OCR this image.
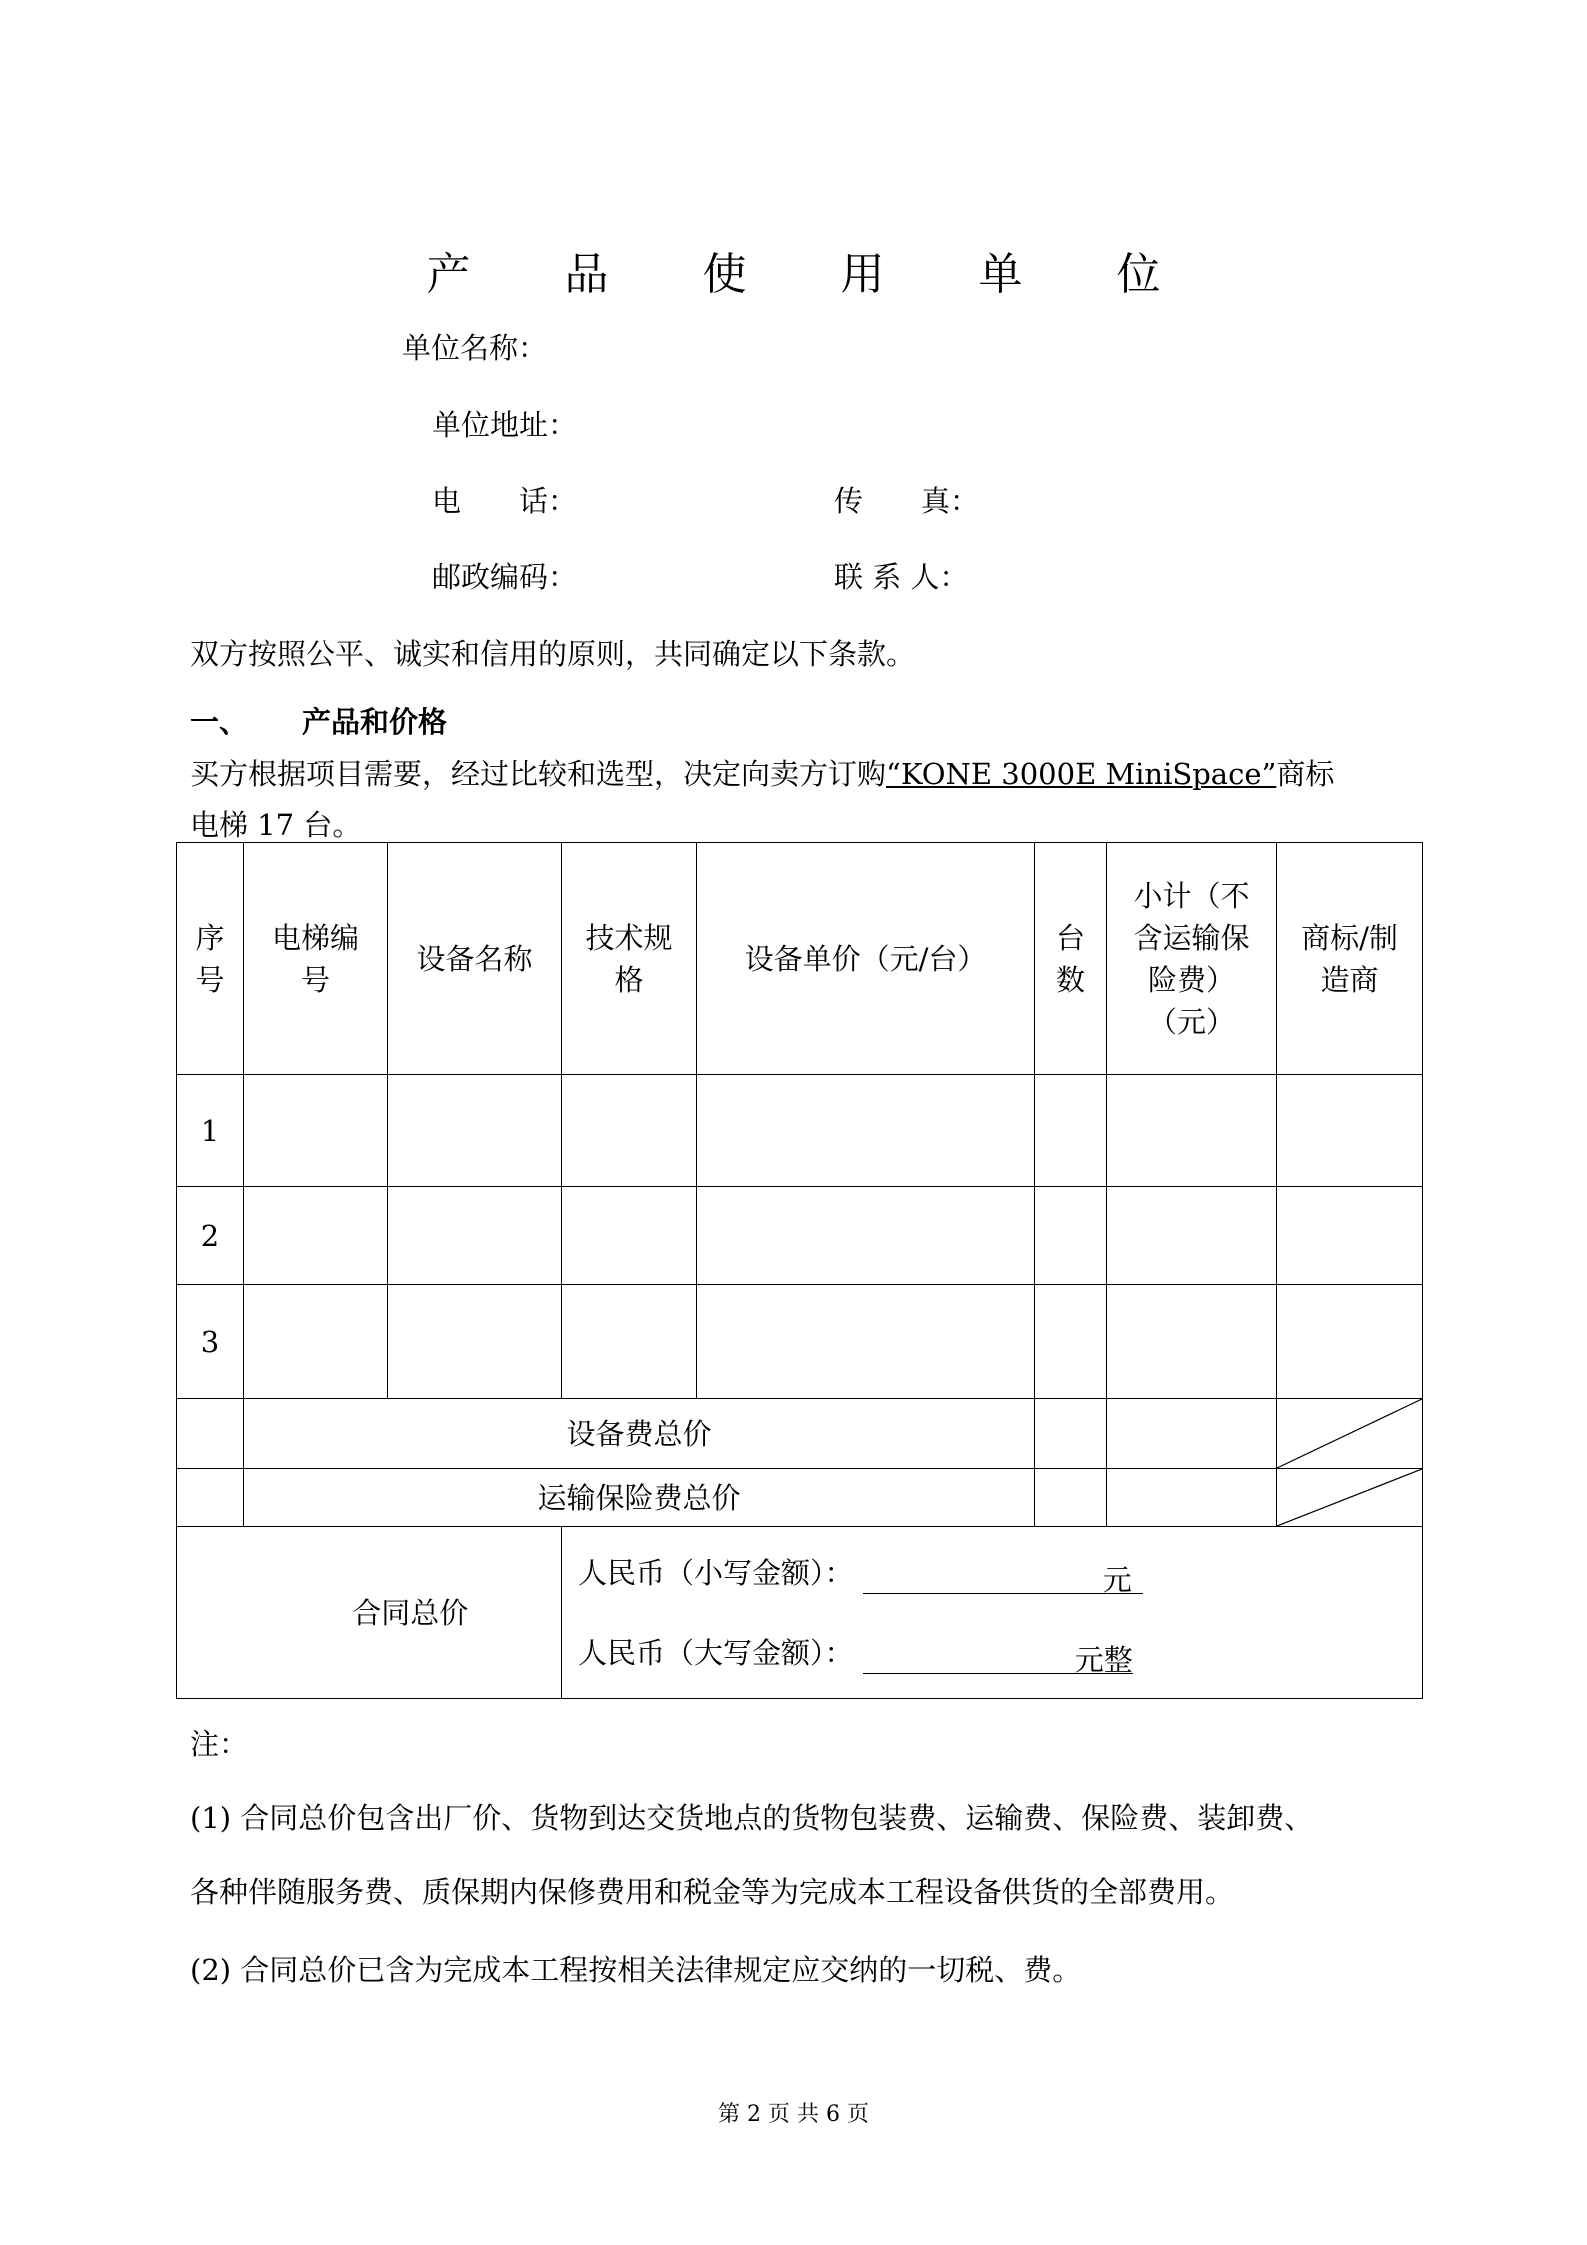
产 品 使 用 单 位
单位名称：
单位地址：
电　　话：	传　　真：
邮政编码：	联 系 人：
双方按照公平、诚实和信用的原则，共同确定以下条款。
一、 产品和价格
买方根据项目需要，经过比较和选型，决定向卖方订购“KONE 3000E MiniSpace”商标
电梯 17 台。
序号	电梯编号	设备名称	技术规格	设备单价（元/台）	台数	小计（不含运输保险费）（元）	商标/制造商

1							
2							
3							
	设备费总价			

	运输保险费总价			

		合同总价	人民币（小写金额）： 元
人民币（大写金额）： 元整				
注：
(1) 合同总价包含出厂价、货物到达交货地点的货物包装费、运输费、保险费、装卸费、
各种伴随服务费、质保期内保修费用和税金等为完成本工程设备供货的全部费用。
(2) 合同总价已含为完成本工程按相关法律规定应交纳的一切税、费。
第 2 页 共 6 页
